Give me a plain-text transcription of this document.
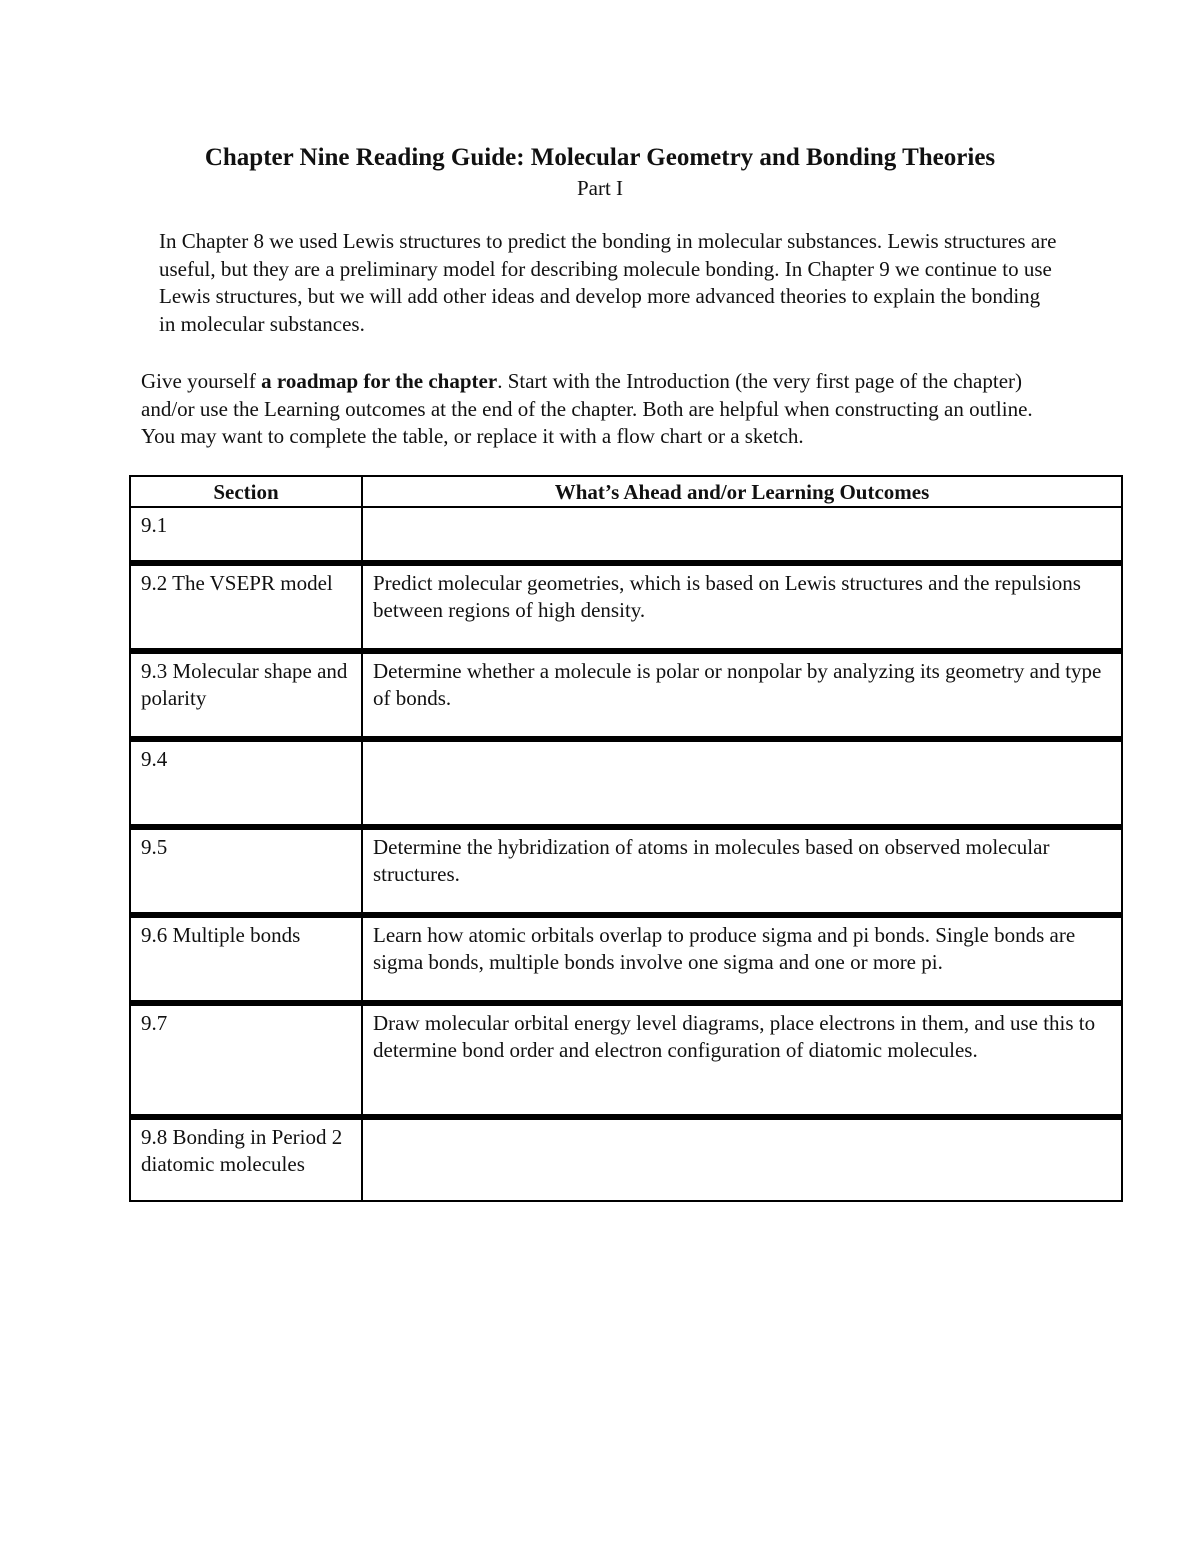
Chapter Nine Reading Guide: Molecular Geometry and Bonding Theories
Part I

In Chapter 8 we used Lewis structures to predict the bonding in molecular substances. Lewis structures are useful, but they are a preliminary model for describing molecule bonding. In Chapter 9 we continue to use Lewis structures, but we will add other ideas and develop more advanced theories to explain the bonding in molecular substances.

Give yourself a roadmap for the chapter. Start with the Introduction (the very first page of the chapter) and/or use the Learning outcomes at the end of the chapter. Both are helpful when constructing an outline. You may want to complete the table, or replace it with a flow chart or a sketch.

Section	What’s Ahead and/or Learning Outcomes
9.1	
9.2 The VSEPR model	Predict molecular geometries, which is based on Lewis structures and the repulsions between regions of high density.
9.3 Molecular shape and polarity	Determine whether a molecule is polar or nonpolar by analyzing its geometry and type of bonds.
9.4	
9.5	Determine the hybridization of atoms in molecules based on observed molecular structures.
9.6 Multiple bonds	Learn how atomic orbitals overlap to produce sigma and pi bonds. Single bonds are sigma bonds, multiple bonds involve one sigma and one or more pi.
9.7	Draw molecular orbital energy level diagrams, place electrons in them, and use this to determine bond order and electron configuration of diatomic molecules.
9.8 Bonding in Period 2 diatomic molecules	
